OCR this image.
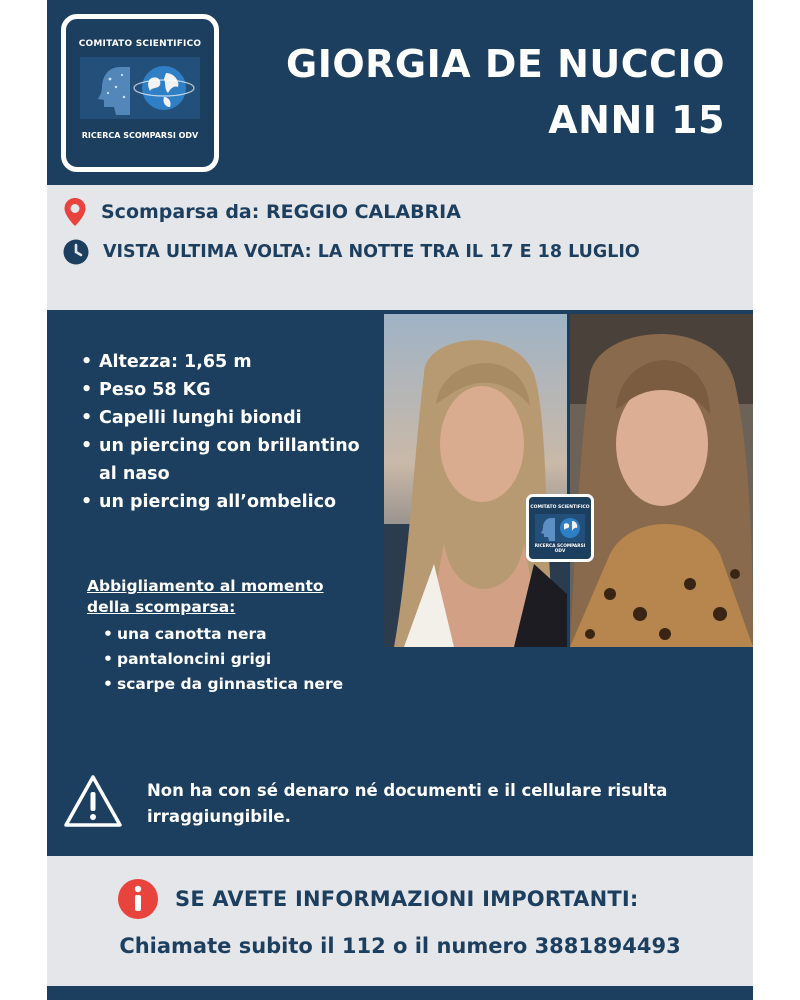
COMITATO SCIENTIFICO
RICERCA SCOMPARSI ODV
GIORGIA DE NUCCIO
ANNI 15
Scomparsa da: REGGIO CALABRIA
VISTA ULTIMA VOLTA: LA NOTTE TRA IL 17 E 18 LUGLIO
• Altezza: 1,65 m
• Peso 58 KG
• Capelli lunghi biondi
• un piercing con brillantino al naso
• un piercing all’ombelico	COMITATO SCIENTIFICO
RICERCA SCOMPARSI ODV
Abbigliamento al momento della scomparsa:
• una canotta nera
• pantaloncini grigi
• scarpe da ginnastica nere
Non ha con sé denaro né documenti e il cellulare risulta irraggiungibile.
SE AVETE INFORMAZIONI IMPORTANTI:
Chiamate subito il 112 o il numero 3881894493
